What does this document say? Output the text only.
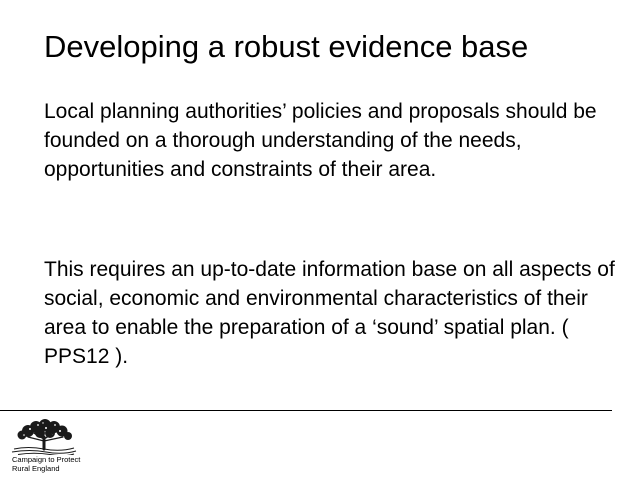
Developing a robust evidence base

Local planning authorities’ policies and proposals should be founded on a thorough understanding of the needs, opportunities and constraints of their area.

This requires an up-to-date information base on all aspects of social, economic and environmental characteristics of their area to enable the preparation of a ‘sound’ spatial plan. ( PPS12 ).

Campaign to Protect
Rural England
